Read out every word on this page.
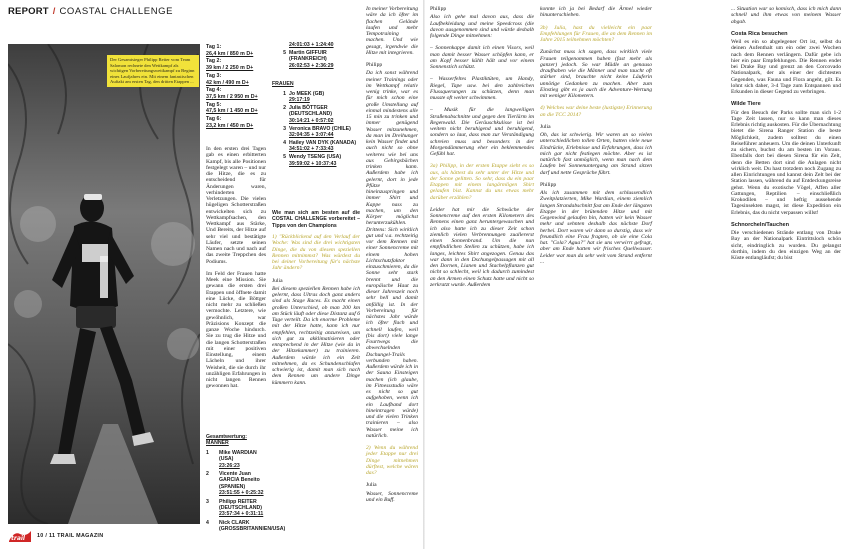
REPORT / COASTAL CHALLENGE
Der Gesamtsieger Philipp Reiter vom Team Salomon rechnete den Wettkampf als wichtigen Vorbereitungswettkampf zu Beginn eines Laufjahres ein. Mit einem fantastischen Auftakt am ersten Tag, den dritten Etappen ...
Tag 1:
26,4 km / 850 m D+
Tag 2:
39 km / 2 250 m D+
Tag 3:
42 km / 490 m D+
Tag 4:
37,5 km / 2 950 m D+
Tag 5:
47,5 km / 1 450 m D+
Tag 6:
23,2 km / 450 m D+

In den ersten drei Tagen gab es einen erbitterten Kampf, bis alle Positionen festgelegt waren – und nur die Hitze, die es zu entscheidend für Änderungen waren, verhinderten Verletzungen. Die vielen hügeligen Schotterstraßen entwickelten sich zu Wettkampfsachen, den Wettkampf aus Stärke, Und Bereits, der Hitze auf sehr viel und bestätigte Läufer, setzte seinen Namen nach und nach auf das zweite Treppchen des Podiums.

Im Feld der Frauen hatte Meek eine Mission. Sie gewann die ersten drei Etappen und öffnete damit eine Lücke, die Böttger nicht mehr zu schließen vermochte. Letztere, wie gewöhnlich, war Präzisions Konzept die ganze Woche hindurch. Sie zu trug die Hitze und die langen Schotterstraßen mit einer positiven Einstellung, einem Lächeln und ihrer Weisheit, die sie durch ihr unzähligen Erfahrungen in nicht langen Rennen gewonnen hat.

Gesamtwertung: MÄNNER
1	Mike WARDIAN (USA)
23:26:23
2	Vicente Juan GARCIA Beneito (SPANIEN)
23:51:55 + 0:25:32
3	Philipp REITER (DEUTSCHLAND)
23:57:34 + 0:31:11
4	Nick CLARK (GROSSBRITANNIEN/USA)
24:01:03 + 1:24:40
5 Martin GIFFUIR (FRANKREICH)
26:02:53 + 2:36:29
FRAUEN
1 Jo MEEK (GB)
29:17:19
2 Julia BÖTTGER (DEUTSCHLAND)
30:14:21 + 0:57:02
3 Veronica BRAVO (CHILE)
32:04:35 + 3:07:44
4 Hailey VAN DYK (KANADA)
34:51:02 + 7:33:43
5 Wendy TSENG (USA)
39:59:02 + 10:37:43
Wie man sich am besten auf die COSTAL CHALLENGE vorbereitet – Tipps von den Champions

1) "Rückblickend auf den Verlauf der Woche: Was sind die drei wichtigsten Dinge, die du von diesem speziellen Rennen mitnimmst? Was würdest du bei deiner Vorbereitung für's nächste Jahr ändern?

Julia

Bei diesem speziellen Rennen habe ich gelernt, dass Ultras doch ganz anders sind als Stage Races. Es macht einen großen Unterschied, ob man 200 km am Stück läuft oder diese Distanz auf 6 Tage verteilt. Da ich enorme Probleme mit der Hitze hatte, kann ich nur empfehlen, rechtzeitig anzureisen, um sich gut zu akklimatisieren oder entsprechend in der Hitze (wie da in der Hitzekammer) zu trainieren. Außerdem würde ich ein Zelt mitnehmen, da es Schundenschlafen schwierig ist, damit man sich nach dem Rennen um andere Dinge kümmern kann.

In meiner Vorbereitung wäre da ich öfter im flachen Gelände laufen und mehr Tempotraining machen. Und wie gesagt, irgendwie die Hitze mit integrieren.

Philipp

Da ich sonst während meiner Trainings oder im Wettkampf relativ wenig trinke, war es für mich schon eine große Umstellung auf einmal mindestens alle 15 min zu trinken und immer genügend Wasser mitzunehmen, da man im Dreihunger kein Wasser findet und auch nicht so ohne weiteres wie bei uns aus Gebirgsbächen trinken kann. Außerdem habe ich gelernt, dort in jede Pfütze hineinzuspringen und immer Shirt und Kappe nass zu machen, um den Körper möglichst herunterzukühlen. Drittens: Sich wirklich gut und v.a. rechtzeitig vor dem Rennen mit einer Sonnencreme mit einem hohen Lichtschutzfaktor einzuschmieren, da die Sonne sehr stark brennt und die europäische Haut zu dieser Jahreszeit noch sehr hell und damit anfällig ist. In der Vorbereitung für nächstes Jahr würde ich öfter flach und schnell laufen, weil (bis dort) viele lange Fourtwegs die abwechselnden Dschungel-Trails verbunden haben. Außerdem würde ich in der Sauna Einsteigen machen (ich glaube, im Fitnessstudio wäre es nicht so gut aufgehoben, wenn ich ein Laufband dort hineintragen würde) und die vielen Trinken trainieren – also Wasser meine ich natürlich.

2) Wenn du während jeder Etappe nur drei Dinge mitnehmen dürftest, welche wären das?

Julia

Wasser, Sonnencreme und ein Buff.

Philipp

Also ich gehe mal davon aus, dass die Laufbekleidung und meine Speedcross (die davon ausgenommen sind und würde deshalb folgende Dinge mitnehmen:

– Sonnenkappe damit ich einen Visors, weil man damit besser Wasser schöpfen kann, er am Kopf besser kühlt hält und vor einem Sonnenstich schützt.

– Wasserfeltes Plastiktüten, um Handy, Riegel, Tape usw. bei den zahlreichen Flussquerungen zu schützen, denn man musste oft weiter schwimmen.

– Musik für die langweiligen Straßenabschnitte und gegen den Tierlärm im Regenwald. Die Geräuschkulisse ist bei weitem nicht beruhigend und beruhigend, sondern so laut, dass man zur Verständigung schreien muss und besonders in der Morgendämmerung eher ein beklemmendes Gefühl hat.

3a) Philipp, in der ersten Etappe sieht es so aus, als hättest du sehr unter der Hitze und der Sonne gelitten. So sehr, dass du ein paar Etappen mit einem langärmligen Shirt gelaufen bist. Kannst du uns etwas mehr darüber erzählen?

Leider hat mir die Schwäche der Sonnencreme auf den ersten Kilometern des Rennens einen ganz heruntergewaschen und ich also hatte ich zu dieser Zeit schon ziemlich vielen Verbrennungen zuallererst einen Sonnenbrand. Um die nun empfindlichen Stellen zu schützen, habe ich langes, leichtes Shirt angezogen. Genau das war dann in den Dschungelpassagen mit all den Dornen, Lianen und Stachelpflanzen gut nicht so schlecht, weil ich dadurch zumindest an den Armen einen Schutz hatte und nicht so zerkratzt wurde. Außerdem

konnte ich ja bei Bedarf die Ärmel wieder hinunterschieben.

3b) Julia, hast du vielleicht ein paar Empfehlungen für Frauen, die an dem Rennen im Jahre 2015 teilnehmen möchten?

Zunächst muss ich sagen, dass wirklich viele Frauen teilgenommen haben (fast mehr als ganzer) jedoch. So war Mädle an genauso draufhaben wie die Männer und man taucht oft stärker sind, brauchte nicht keine Läuferin unnötige Gedanken zu machen. Aber zum Einstieg gibt es ja auch die Adventure-Wertung mit weniger Kilometern.

4) Welches war deine beste (lustigste) Erinnerung an die TCC 2014?

Julia

Oh, das ist schwierig. Wir waren an so vielen unterschiedlichen tollen Orten, hatten viele neue Eindrücke, Erlebnisse und Erfahrungen, dass ich mich gar nicht festlegen möchte. Aber es ist natürlich fast unmöglich, wenn man nach dem Laufen bei Sonnenuntergang am Strand sitzen darf und nette Gespräche führt.

Philipp

Als ich zusammen mit dem schlussendlich Zweitplatzierten, Mike Wardian, einem ziemlich langen Strandabschnitt fast am Ende der längsten Etappe in der brütenden Hitze und mit Gegenwind gelaufen bin, hatten wir kein Wasser mehr und sehnten deshalb das nächste Dorf herbei. Dort waren wir dann so durstig, dass wir freundlich eine Frau fragten, ob sie eine Cola hat. "Cola? Agua?" hat sie uns verwirrt gefragt, aber am Ende hatten wir frisches Quellwasser. Leider war man da sehr weit vom Strand entfernt ...

... Situation war so komisch, dass ich mich dann schnell und ihm etwas von meinem Wasser abgab.

Costa Rica besuchen

Weil es ein so abgelegener Ort ist, selbst du deinen Aufenthalt um ein oder zwei Wochen nach dem Rennen verlängern. Dafür gebe ich hier ein paar Empfehlungen. Die Rennen endet bei Drake Bay und grenzt an den Corcovado Nationalpark, der als einer der dichtesten Gegenden, was Fauna und Flora angeht, gilt. Es lohnt sich daher, 3-4 Tage zum Entspannen und Erkunden in dieser Gegend zu verbringen.

Wilde Tiere

Für den Besuch der Parks sollte man sich 1-2 Tage Zeit lassen, nur so kann man dieses Erlebnis richtig auskosten. Für die Übernachtung bietet die Sirena Ranger Station die beste Möglichkeit, zudem solltest du einen Reiseführer anheuern. Um die deinen Unterkunft zu sichern, buchst du am besten im Voraus. Ebenfalls dort bei diesen Sirena für ein Zelt, denn die Betten dort sind die Anlagen nicht wirklich weit. Du hast trotzdem noch Zugang zu allen Einrichtungen und kannst dein Zelt bei der Station lassen, während du auf Entdeckungsreise gehst. Wenn du exotische Vögel, Affen aller Gattungen, Reptilien – einschließlich Krokodilen – und heftig aussehende Tagesinsekten magst, ist diese Expedition ein Erlebnis, das du nicht verpassen willst!

Schnorcheln/Tauchen

Die verschiedenen Strände entlang von Drake Bay an der Nationalpark Eintrittsloch schön sicht, eindringlich zu wurden. Du gelangst dorthin, indem du den einzigen Weg an der Küste entlangläufst; du bist

trail 10 / 11 TRAIL MAGAZIN
